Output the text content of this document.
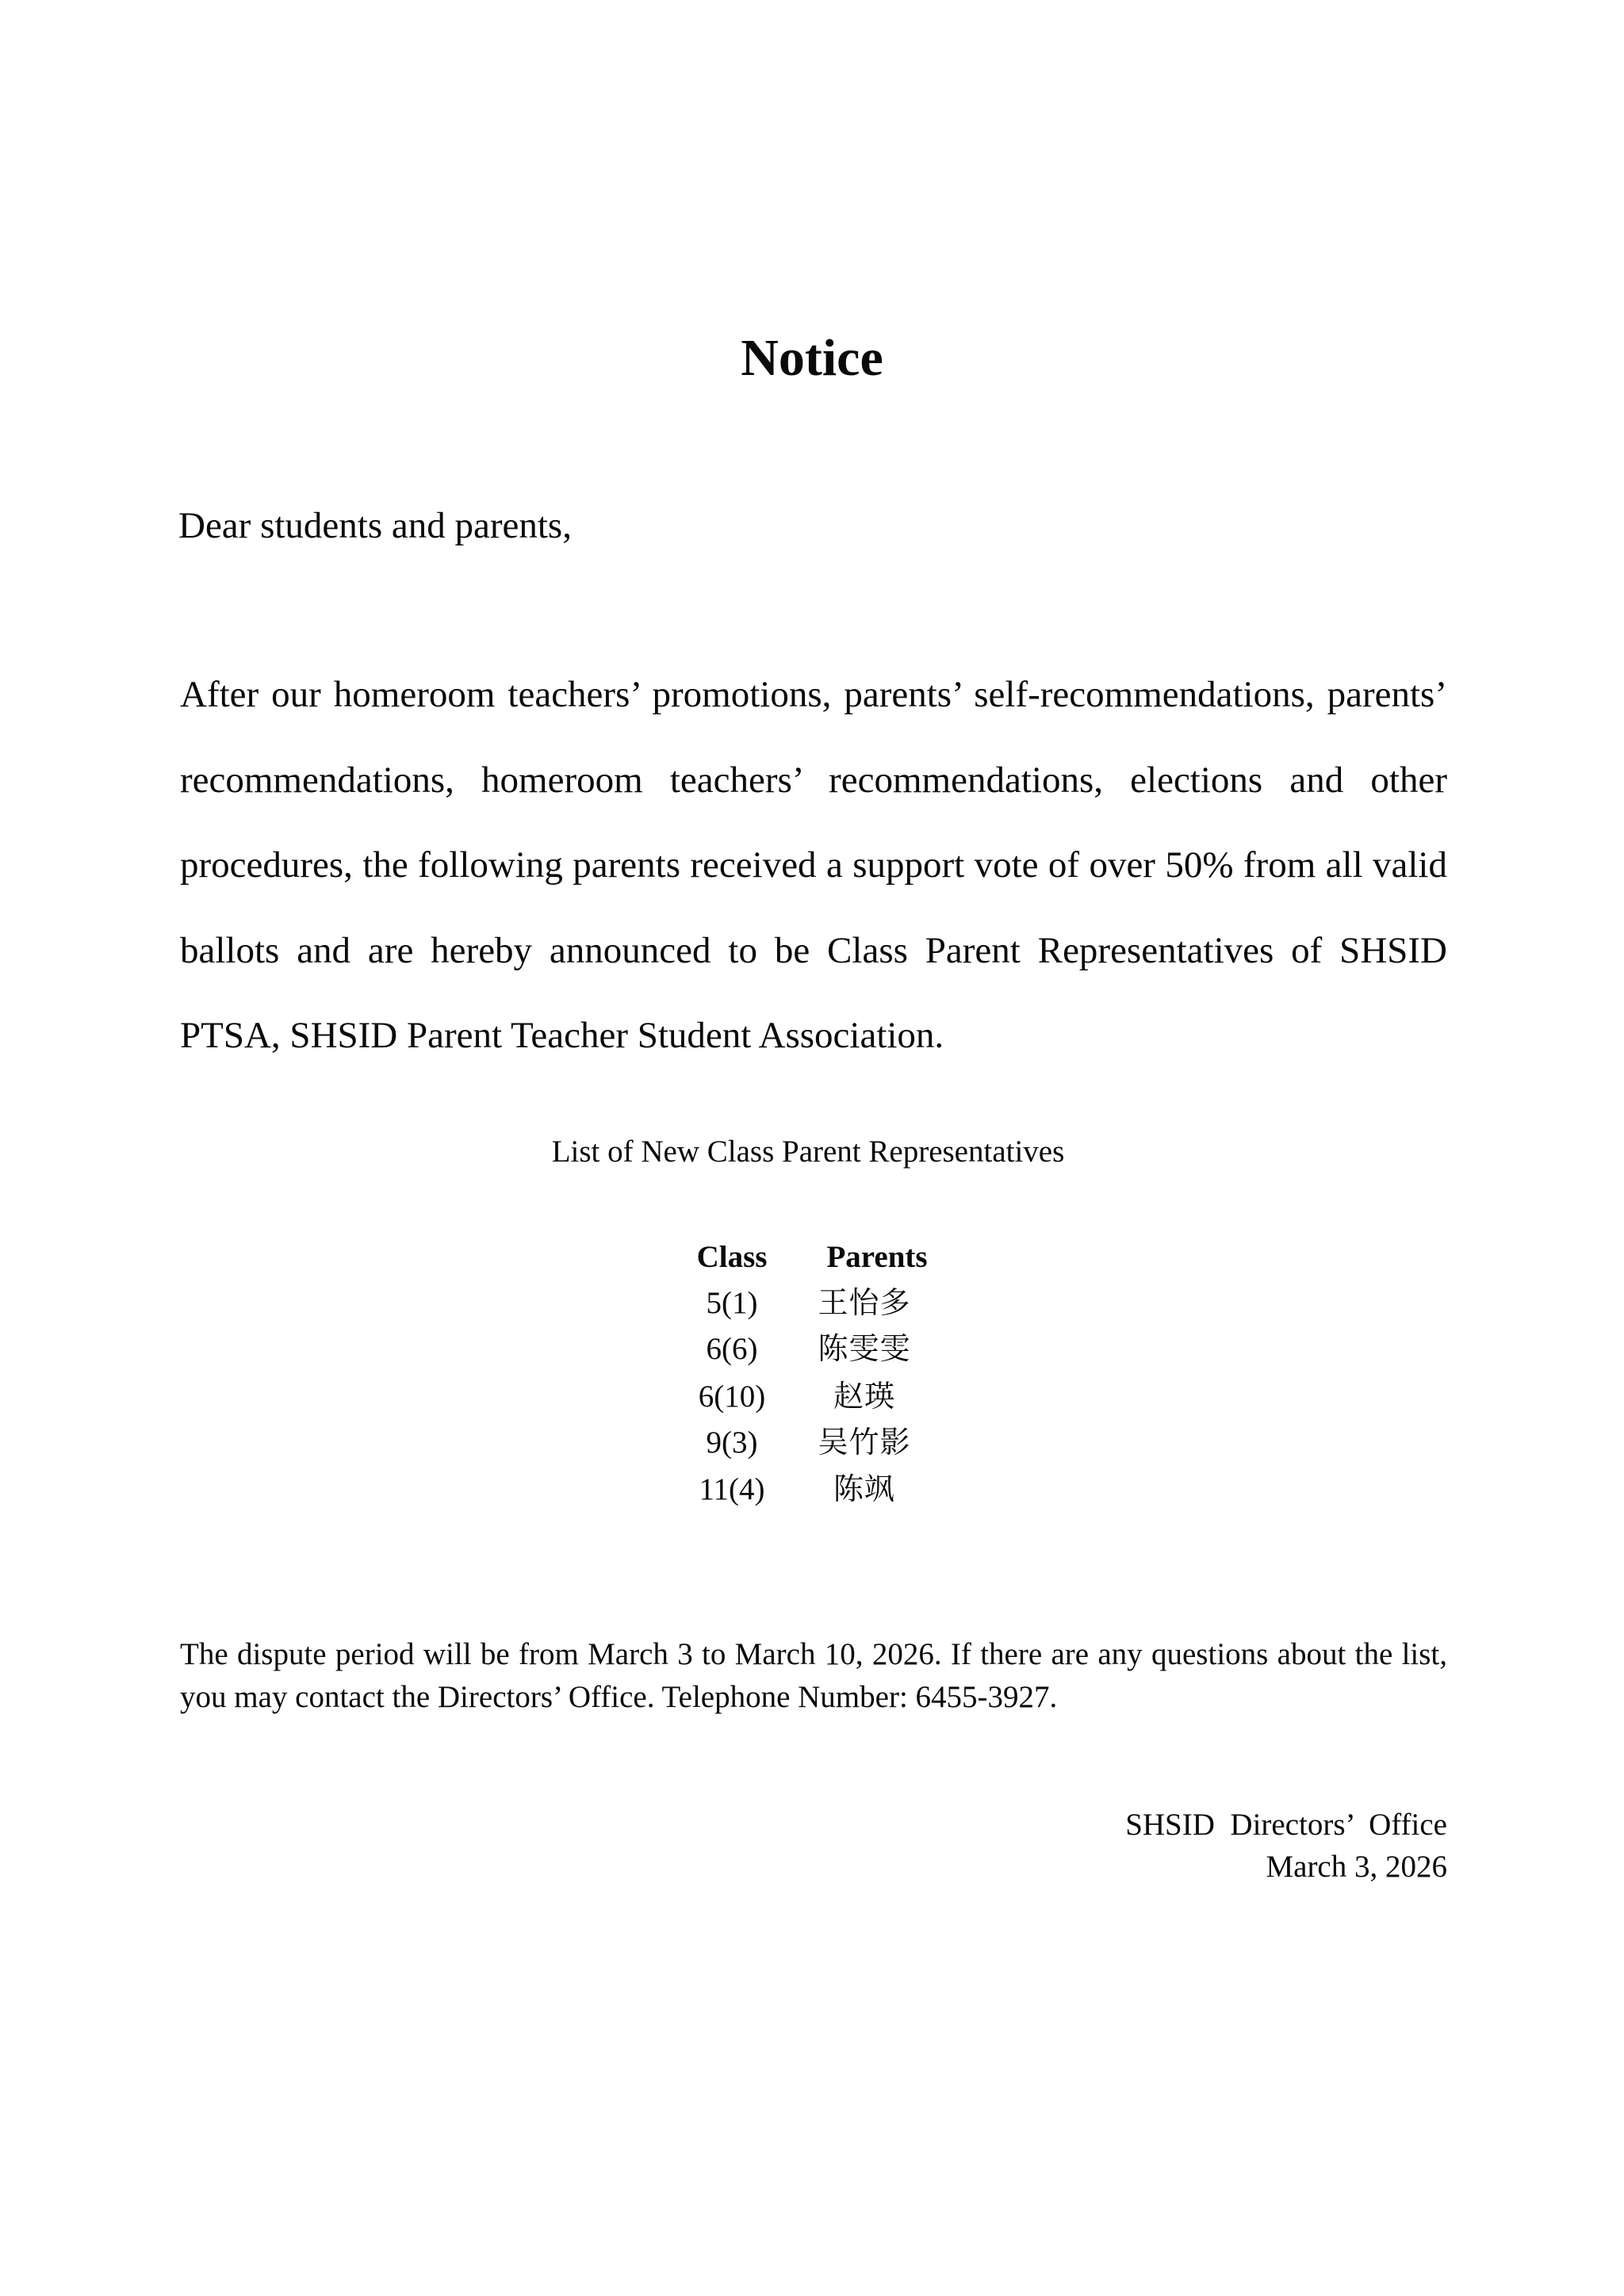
Notice

Dear students and parents,

After our homeroom teachers’ promotions, parents’ self-recommendations, parents’ recommendations, homeroom teachers’ recommendations, elections and other procedures, the following parents received a support vote of over 50% from all valid ballots and are hereby announced to be Class Parent Representatives of SHSID PTSA, SHSID Parent Teacher Student Association.

List of New Class Parent Representatives

Class	Parents
5(1)	王怡多
6(6)	陈雯雯
6(10)	赵瑛
9(3)	吴竹影
11(4)	陈飒

The dispute period will be from March 3 to March 10, 2026. If there are any questions about the list, you may contact the Directors’ Office. Telephone Number: 6455-3927.

SHSID  Directors’  Office
March 3, 2026
